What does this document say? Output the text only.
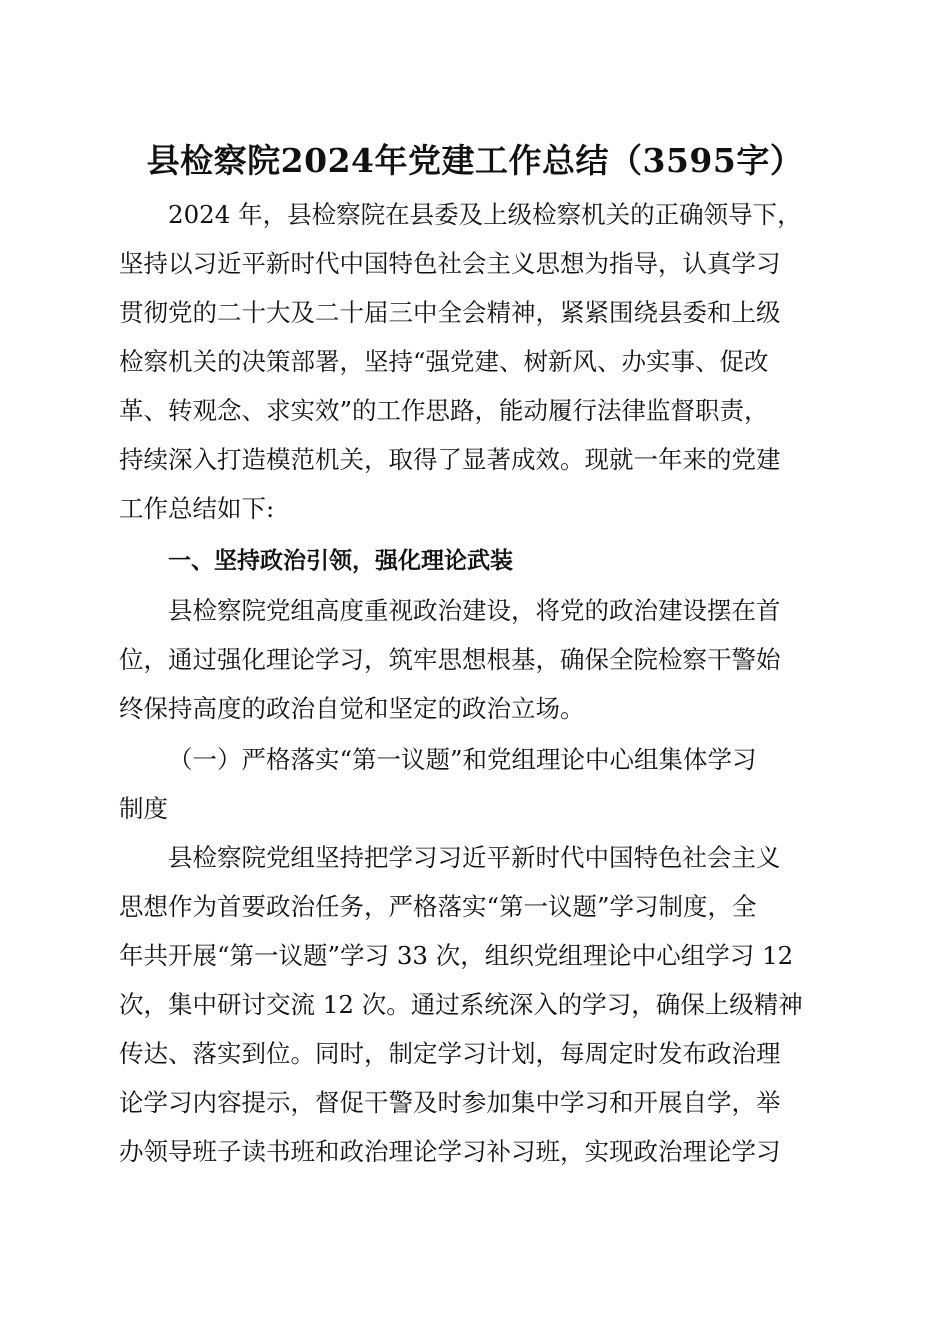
县检察院2024年党建工作总结（3595字）
2024 年，县检察院在县委及上级检察机关的正确领导下，
坚持以习近平新时代中国特色社会主义思想为指导，认真学习
贯彻党的二十大及二十届三中全会精神，紧紧围绕县委和上级
检察机关的决策部署，坚持“强党建、树新风、办实事、促改
革、转观念、求实效”的工作思路，能动履行法律监督职责，
持续深入打造模范机关，取得了显著成效。现就一年来的党建
工作总结如下:
一、坚持政治引领，强化理论武装
县检察院党组高度重视政治建设，将党的政治建设摆在首
位，通过强化理论学习，筑牢思想根基，确保全院检察干警始
终保持高度的政治自觉和坚定的政治立场。
（一）严格落实“第一议题”和党组理论中心组集体学习
制度
县检察院党组坚持把学习习近平新时代中国特色社会主义
思想作为首要政治任务，严格落实“第一议题”学习制度，全
年共开展“第一议题”学习 33 次，组织党组理论中心组学习 12
次，集中研讨交流 12 次。通过系统深入的学习，确保上级精神
传达、落实到位。同时，制定学习计划，每周定时发布政治理
论学习内容提示，督促干警及时参加集中学习和开展自学，举
办领导班子读书班和政治理论学习补习班，实现政治理论学习
